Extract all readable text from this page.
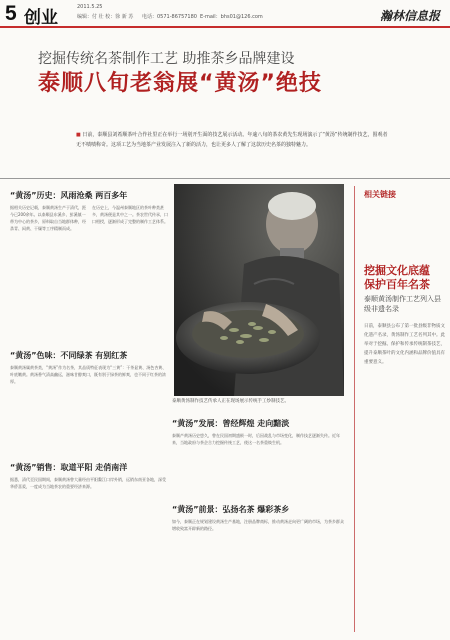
5 创业
2011.5.25
编辑：付 壮 校：徐 新 苏 电话：0571-86757180 E-mail：bhs01@126.com	瀚林信息报
挖掘传统名茶制作工艺 助推茶乡品牌建设
泰顺八旬老翁展“黄汤”绝技
■ 日前，泰顺县刘希顺茶叶合作社里正在举行一场别开生面的技艺展示活动。年逾八旬的茶农黄先生现场演示了“黄汤”传统制作技艺，围观者无不啧啧称奇。这项工艺为当地茶产业发展注入了新的活力，也让更多人了解了这款历史名茶的独特魅力。
“黄汤”历史：风雨沧桑 两百多年
据相关历史记载，泰顺黄汤生产于清代，距今已200余年。以泰顺县东溪乡、彭溪镇一带为中心的茶乡，原料取自当地群体种，经杀青、闷黄、干燥等工序精制而成。
在历史上，今温州泰顺地区的茶叶种类甚多，黄汤便是其中之一。茶农世代传承，口口相授，逐渐形成了完整的制作工艺体系。
“黄汤”色味：不同绿茶 有别红茶
泰顺黄汤属黄茶类，“黄汤”作为名茶，其品质特征表现为“三黄”：干茶显黄、汤色杏黄、叶底嫩黄。黄汤香气清高幽远，滋味甘醇爽口，既有别于绿茶的鲜爽，也不同于红茶的浓厚。
“黄汤”销售：取道平阳 走俏南洋
据悉，清代至民国期间，泰顺黄汤曾大量经由平阳鳌江口岸外销，远销东南亚各地，深受华侨喜爱，一度成为当地茶农的重要经济来源。
泰顺黄汤制作技艺传承人正在现场展示传统手工炒制技艺。
“黄汤”发展：曾经辉煌 走向黯淡
泰顺产黄汤历史悠久，曾在民国初期盛极一时，后因战乱与市场变化，制作技艺逐渐失传。近年来，当地政府与茶企合力挖掘传统工艺，使这一名茶重焕生机。
“黄汤”前景：弘扬名茶 爆彩茶乡
如今，泰顺正在规划建设黄汤生产基地，注册品牌商标，推动黄汤走向更广阔的市场，为茶乡群众增收致富开辟新的路径。
相关链接
挖掘文化底蕴
保护百年名茶
泰顺黄汤制作工艺列入县级非遗名录
日前，泰顺县公布了第一批县级非物质文化遗产名录，黄汤制作工艺名列其中。此举对于挖掘、保护和传承传统制茶技艺，提升泰顺茶叶的文化内涵和品牌价值具有重要意义。
